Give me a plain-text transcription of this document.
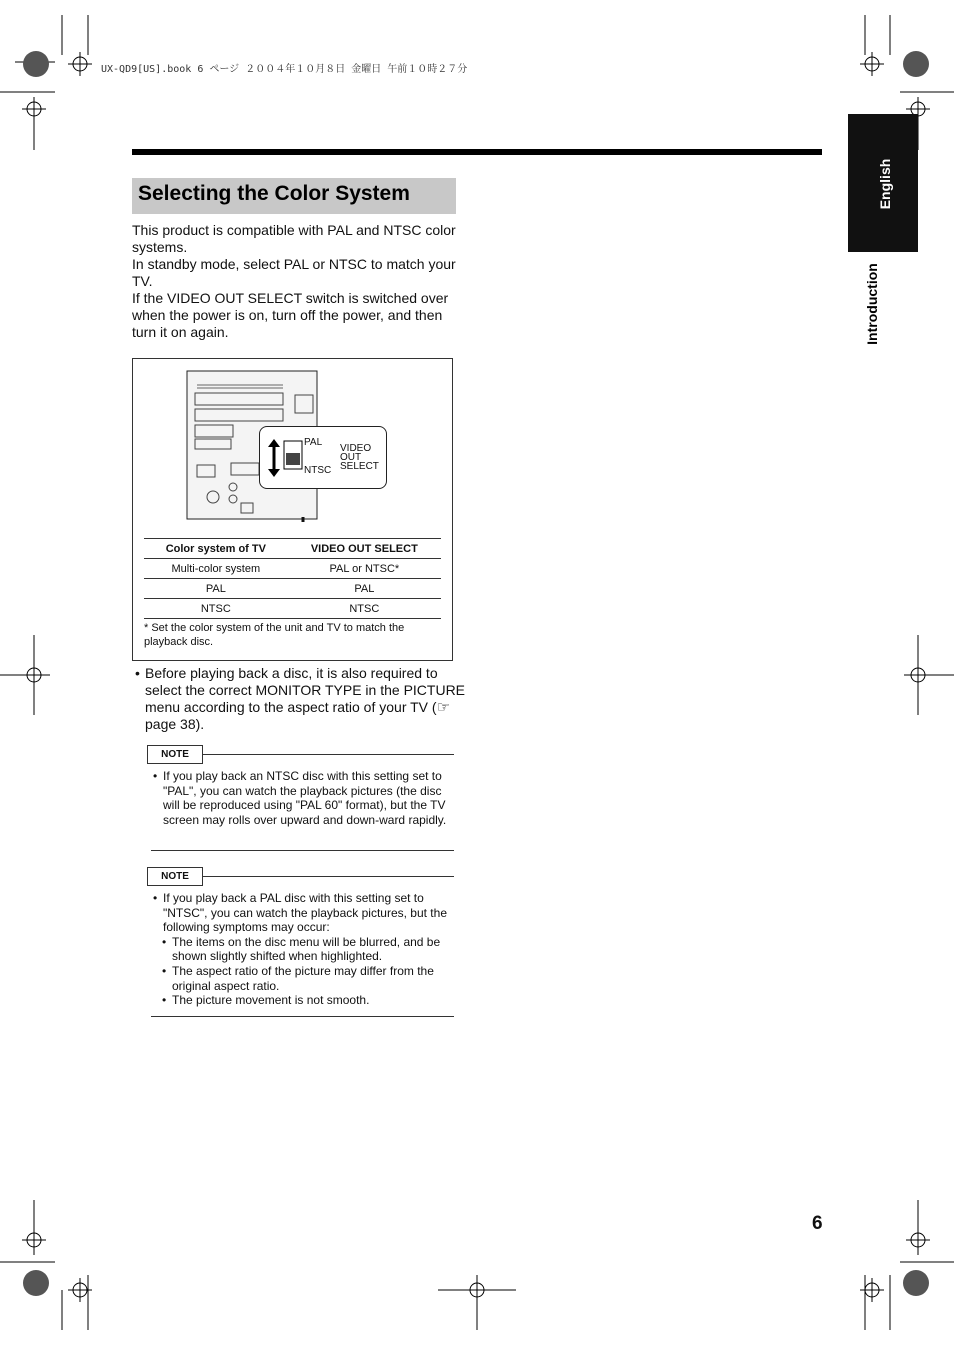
UX-QD9[US].book 6 ページ ２００４年１０月８日 金曜日 午前１０時２７分
Selecting the Color System

This product is compatible with PAL and NTSC color systems.

In standby mode, select PAL or NTSC to match your TV.

If the VIDEO OUT SELECT switch is switched over when the power is on, turn off the power, and then turn it on again.

PAL
NTSC
VIDEO
OUT
SELECT
Color system of TV	VIDEO OUT SELECT
Multi-color system	PAL or NTSC*
PAL	PAL
NTSC	NTSC
* Set the color system of the unit and TV to match the playback disc.
• Before playing back a disc, it is also required to select the correct MONITOR TYPE in the PICTURE menu according to the aspect ratio of your TV (☞ page 38).
NOTE
• If you play back an NTSC disc with this setting set to "PAL", you can watch the playback pictures (the disc will be reproduced using "PAL 60" format), but the TV screen may rolls over upward and down-ward rapidly.
NOTE
• If you play back a PAL disc with this setting set to "NTSC", you can watch the playback pictures, but the following symptoms may occur:
• The items on the disc menu will be blurred, and be shown slightly shifted when highlighted.
• The aspect ratio of the picture may differ from the original aspect ratio.
• The picture movement is not smooth.
English
Introduction
6
